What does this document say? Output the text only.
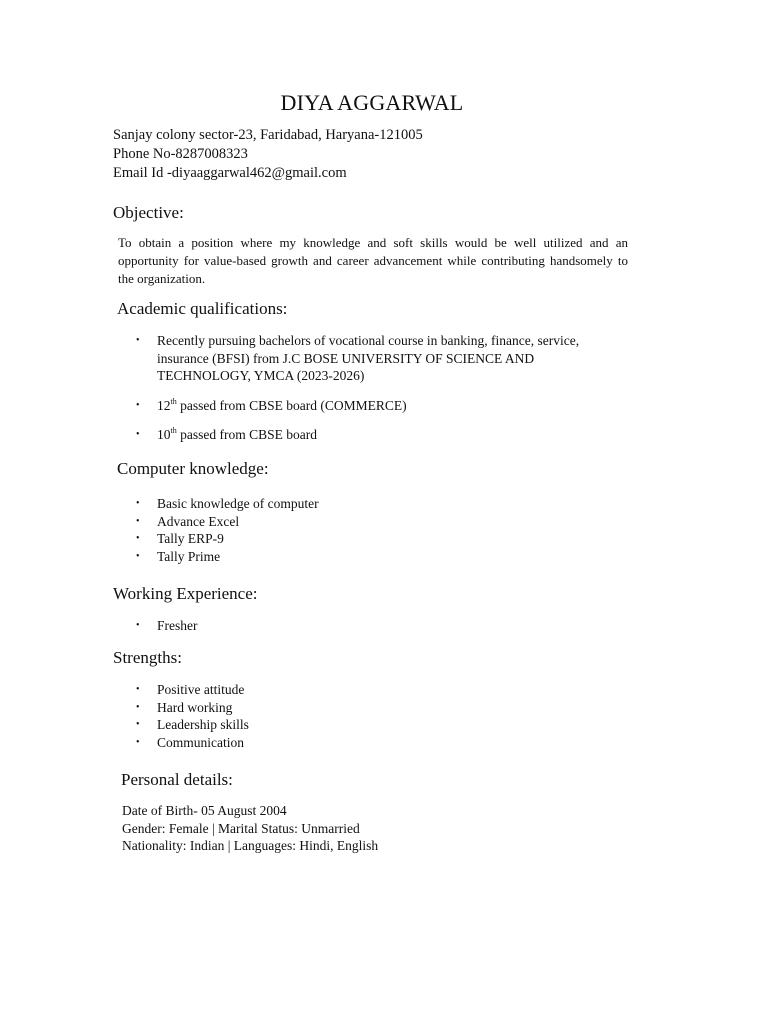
DIYA AGGARWAL
Sanjay colony sector-23, Faridabad, Haryana-121005
Phone No-8287008323
Email Id -diyaaggarwal462@gmail.com
Objective:
To obtain a position where my knowledge and soft skills would be well utilized and an opportunity for value-based growth and career advancement while contributing handsomely to the organization.
Academic qualifications:
• Recently pursuing bachelors of vocational course in banking, finance, service, insurance (BFSI) from J.C BOSE UNIVERSITY OF SCIENCE AND TECHNOLOGY, YMCA (2023-2026)
• 12th passed from CBSE board (COMMERCE)
• 10th passed from CBSE board
Computer knowledge:
• Basic knowledge of computer
• Advance Excel
• Tally ERP-9
• Tally Prime
Working Experience:
• Fresher
Strengths:
• Positive attitude
• Hard working
• Leadership skills
• Communication
Personal details:
Date of Birth- 05 August 2004
Gender: Female | Marital Status: Unmarried
Nationality: Indian | Languages: Hindi, English
